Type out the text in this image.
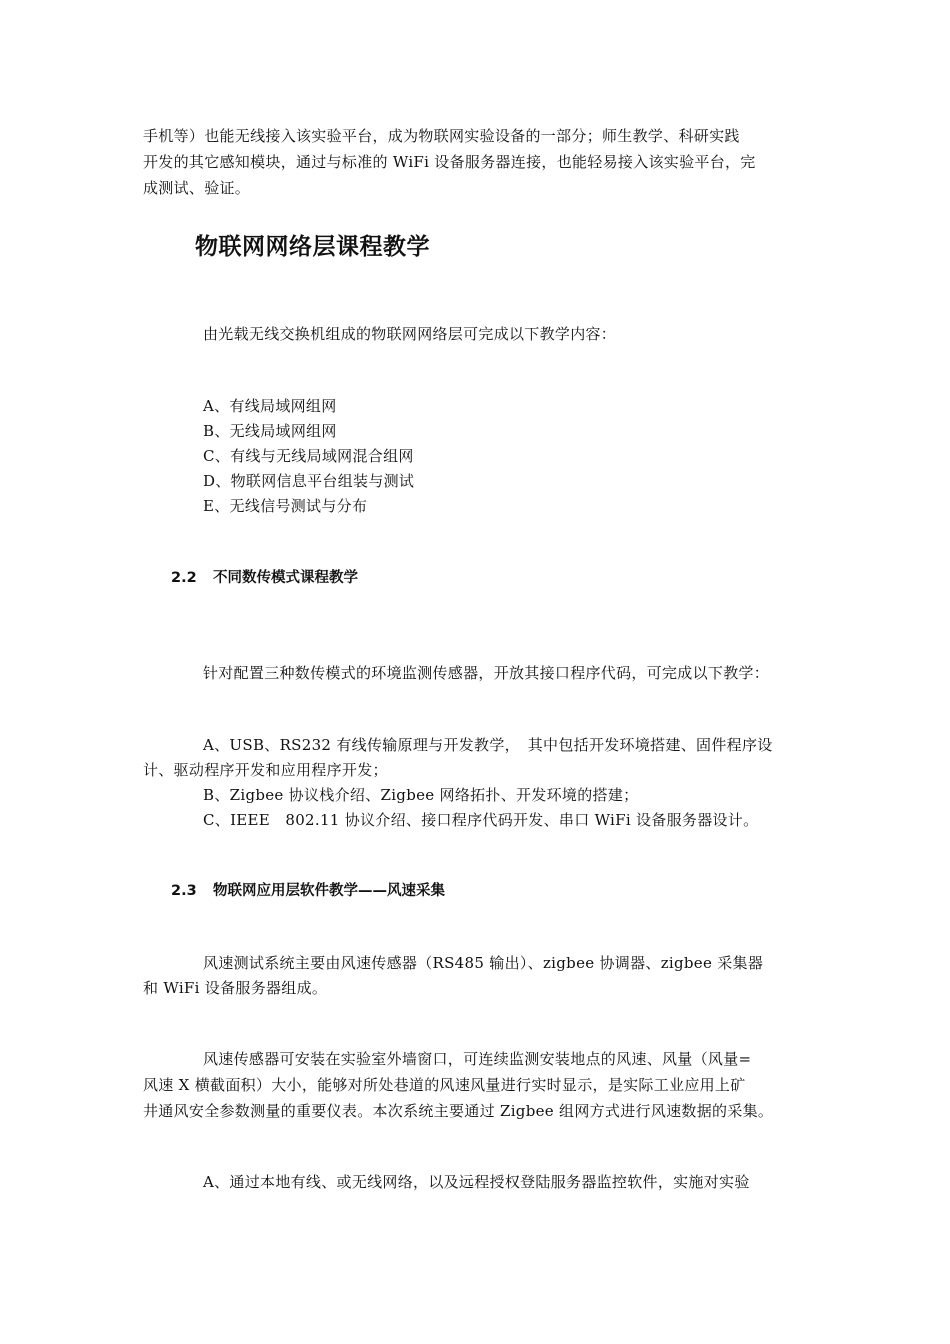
手机等）也能无线接入该实验平台，成为物联网实验设备的一部分；师生教学、科研实践
开发的其它感知模块，通过与标准的 WiFi 设备服务器连接，也能轻易接入该实验平台，完
成测试、验证。
物联网网络层课程教学
由光载无线交换机组成的物联网网络层可完成以下教学内容：
A、有线局域网组网
B、无线局域网组网
C、有线与无线局域网混合组网
D、物联网信息平台组装与测试
E、无线信号测试与分布
2.2 不同数传模式课程教学
针对配置三种数传模式的环境监测传感器，开放其接口程序代码，可完成以下教学：
A、USB、RS232 有线传输原理与开发教学，　其中包括开发环境搭建、固件程序设
计、驱动程序开发和应用程序开发；
B、Zigbee 协议栈介绍、Zigbee 网络拓扑、开发环境的搭建；
C、IEEE　802.11 协议介绍、接口程序代码开发、串口 WiFi 设备服务器设计。
2.3 物联网应用层软件教学——风速采集
风速测试系统主要由风速传感器（RS485 输出）、zigbee 协调器、zigbee 采集器
和 WiFi 设备服务器组成。
风速传感器可安装在实验室外墙窗口，可连续监测安装地点的风速、风量（风量=
风速 X 横截面积）大小，能够对所处巷道的风速风量进行实时显示，是实际工业应用上矿
井通风安全参数测量的重要仪表。本次系统主要通过 Zigbee 组网方式进行风速数据的采集。
A、通过本地有线、或无线网络，以及远程授权登陆服务器监控软件，实施对实验
